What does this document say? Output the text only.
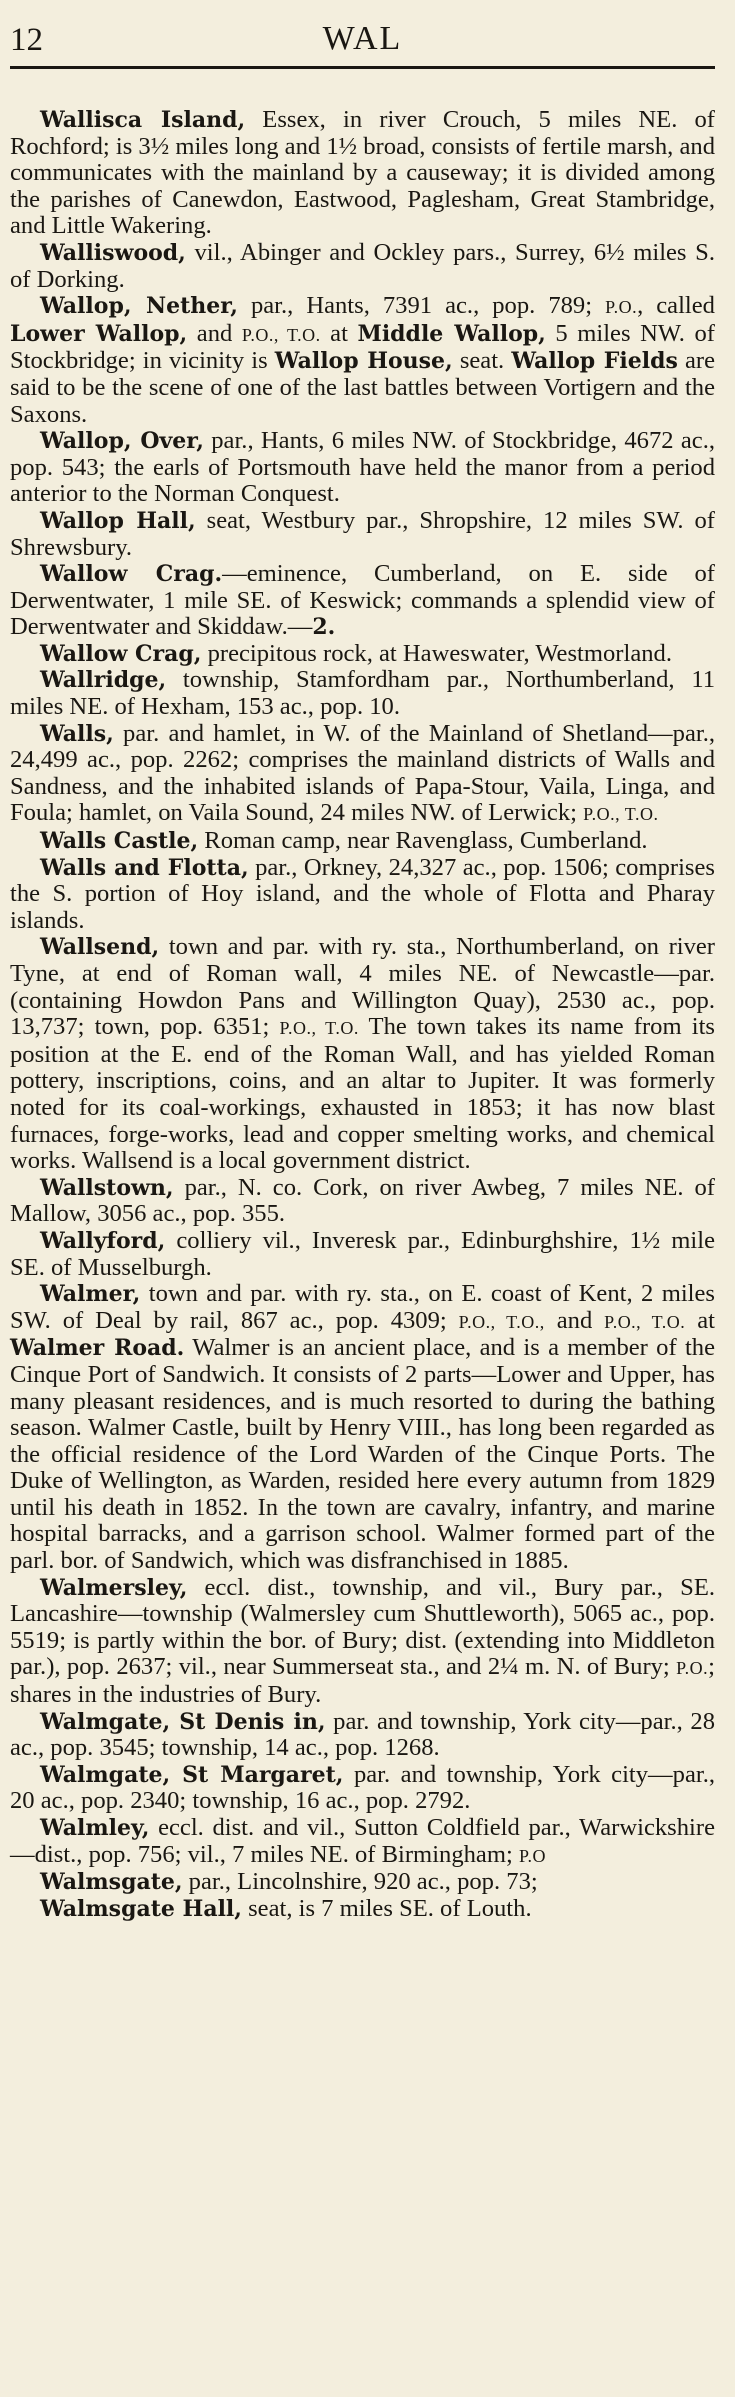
12	WAL

Wallisca Island, Essex, in river Crouch, 5 miles NE. of Rochford; is 3½ miles long and 1½ broad, consists of fertile marsh, and communicates with the mainland by a causeway; it is divided among the parishes of Canewdon, Eastwood, Paglesham, Great Stambridge, and Little Wakering.

Walliswood, vil., Abinger and Ockley pars., Surrey, 6½ miles S. of Dorking.

Wallop, Nether, par., Hants, 7391 ac., pop. 789; P.O., called Lower Wallop, and P.O., T.O. at Middle Wallop, 5 miles NW. of Stockbridge; in vicinity is Wallop House, seat. Wallop Fields are said to be the scene of one of the last battles between Vortigern and the Saxons.

Wallop, Over, par., Hants, 6 miles NW. of Stockbridge, 4672 ac., pop. 543; the earls of Portsmouth have held the manor from a period anterior to the Norman Conquest.

Wallop Hall, seat, Westbury par., Shropshire, 12 miles SW. of Shrewsbury.

Wallow Crag.—eminence, Cumberland, on E. side of Derwentwater, 1 mile SE. of Keswick; commands a splendid view of Derwentwater and Skiddaw.—2.

Wallow Crag, precipitous rock, at Haweswater, Westmorland.

Wallridge, township, Stamfordham par., Northumberland, 11 miles NE. of Hexham, 153 ac., pop. 10.

Walls, par. and hamlet, in W. of the Mainland of Shetland—par., 24,499 ac., pop. 2262; comprises the mainland districts of Walls and Sandness, and the inhabited islands of Papa-Stour, Vaila, Linga, and Foula; hamlet, on Vaila Sound, 24 miles NW. of Lerwick; P.O., T.O.

Walls Castle, Roman camp, near Ravenglass, Cumberland.

Walls and Flotta, par., Orkney, 24,327 ac., pop. 1506; comprises the S. portion of Hoy island, and the whole of Flotta and Pharay islands.

Wallsend, town and par. with ry. sta., Northumberland, on river Tyne, at end of Roman wall, 4 miles NE. of Newcastle—par. (containing Howdon Pans and Willington Quay), 2530 ac., pop. 13,737; town, pop. 6351; P.O., T.O. The town takes its name from its position at the E. end of the Roman Wall, and has yielded Roman pottery, inscriptions, coins, and an altar to Jupiter. It was formerly noted for its coal-workings, exhausted in 1853; it has now blast furnaces, forge-works, lead and copper smelting works, and chemical works. Wallsend is a local government district.

Wallstown, par., N. co. Cork, on river Awbeg, 7 miles NE. of Mallow, 3056 ac., pop. 355.

Wallyford, colliery vil., Inveresk par., Edinburghshire, 1½ mile SE. of Musselburgh.

Walmer, town and par. with ry. sta., on E. coast of Kent, 2 miles SW. of Deal by rail, 867 ac., pop. 4309; P.O., T.O., and P.O., T.O. at Walmer Road. Walmer is an ancient place, and is a member of the Cinque Port of Sandwich. It consists of 2 parts—Lower and Upper, has many pleasant residences, and is much resorted to during the bathing season. Walmer Castle, built by Henry VIII., has long been regarded as the official residence of the Lord Warden of the Cinque Ports. The Duke of Wellington, as Warden, resided here every autumn from 1829 until his death in 1852. In the town are cavalry, infantry, and marine hospital barracks, and a garrison school. Walmer formed part of the parl. bor. of Sandwich, which was disfranchised in 1885.

Walmersley, eccl. dist., township, and vil., Bury par., SE. Lancashire—township (Walmersley cum Shuttleworth), 5065 ac., pop. 5519; is partly within the bor. of Bury; dist. (extending into Middleton par.), pop. 2637; vil., near Summerseat sta., and 2¼ m. N. of Bury; P.O.; shares in the industries of Bury.

Walmgate, St Denis in, par. and township, York city—par., 28 ac., pop. 3545; township, 14 ac., pop. 1268.

Walmgate, St Margaret, par. and township, York city—par., 20 ac., pop. 2340; township, 16 ac., pop. 2792.

Walmley, eccl. dist. and vil., Sutton Coldfield par., Warwickshire—dist., pop. 756; vil., 7 miles NE. of Birmingham; P.O

Walmsgate, par., Lincolnshire, 920 ac., pop. 73;

Walmsgate Hall, seat, is 7 miles SE. of Louth.
